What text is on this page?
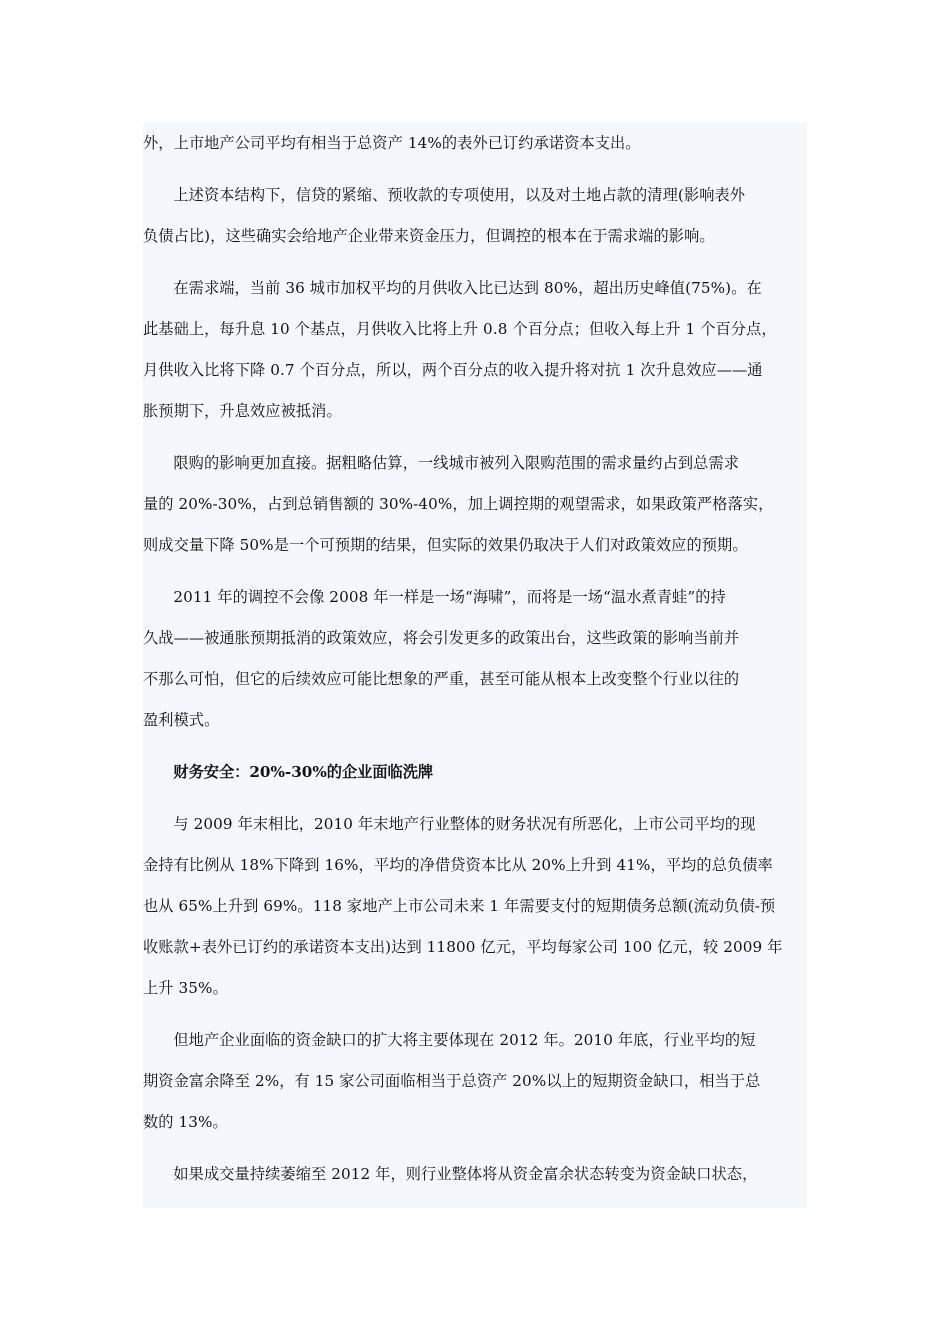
外，上市地产公司平均有相当于总资产 14%的表外已订约承诺资本支出。

上述资本结构下，信贷的紧缩、预收款的专项使用，以及对土地占款的清理(影响表外
负债占比)，这些确实会给地产企业带来资金压力，但调控的根本在于需求端的影响。

在需求端，当前 36 城市加权平均的月供收入比已达到 80%，超出历史峰值(75%)。在
此基础上，每升息 10 个基点，月供收入比将上升 0.8 个百分点；但收入每上升 1 个百分点，
月供收入比将下降 0.7 个百分点，所以，两个百分点的收入提升将对抗 1 次升息效应——通
胀预期下，升息效应被抵消。

限购的影响更加直接。据粗略估算，一线城市被列入限购范围的需求量约占到总需求
量的 20%-30%，占到总销售额的 30%-40%，加上调控期的观望需求，如果政策严格落实，
则成交量下降 50%是一个可预期的结果，但实际的效果仍取决于人们对政策效应的预期。

2011 年的调控不会像 2008 年一样是一场“海啸”，而将是一场“温水煮青蛙”的持
久战——被通胀预期抵消的政策效应，将会引发更多的政策出台，这些政策的影响当前并
不那么可怕，但它的后续效应可能比想象的严重，甚至可能从根本上改变整个行业以往的
盈利模式。

财务安全：20%-30%的企业面临洗牌

与 2009 年末相比，2010 年末地产行业整体的财务状况有所恶化，上市公司平均的现
金持有比例从 18%下降到 16%，平均的净借贷资本比从 20%上升到 41%，平均的总负债率
也从 65%上升到 69%。118 家地产上市公司未来 1 年需要支付的短期债务总额(流动负债-预
收账款+表外已订约的承诺资本支出)达到 11800 亿元，平均每家公司 100 亿元，较 2009 年
上升 35%。

但地产企业面临的资金缺口的扩大将主要体现在 2012 年。2010 年底，行业平均的短
期资金富余降至 2%，有 15 家公司面临相当于总资产 20%以上的短期资金缺口，相当于总
数的 13%。

如果成交量持续萎缩至 2012 年，则行业整体将从资金富余状态转变为资金缺口状态，
